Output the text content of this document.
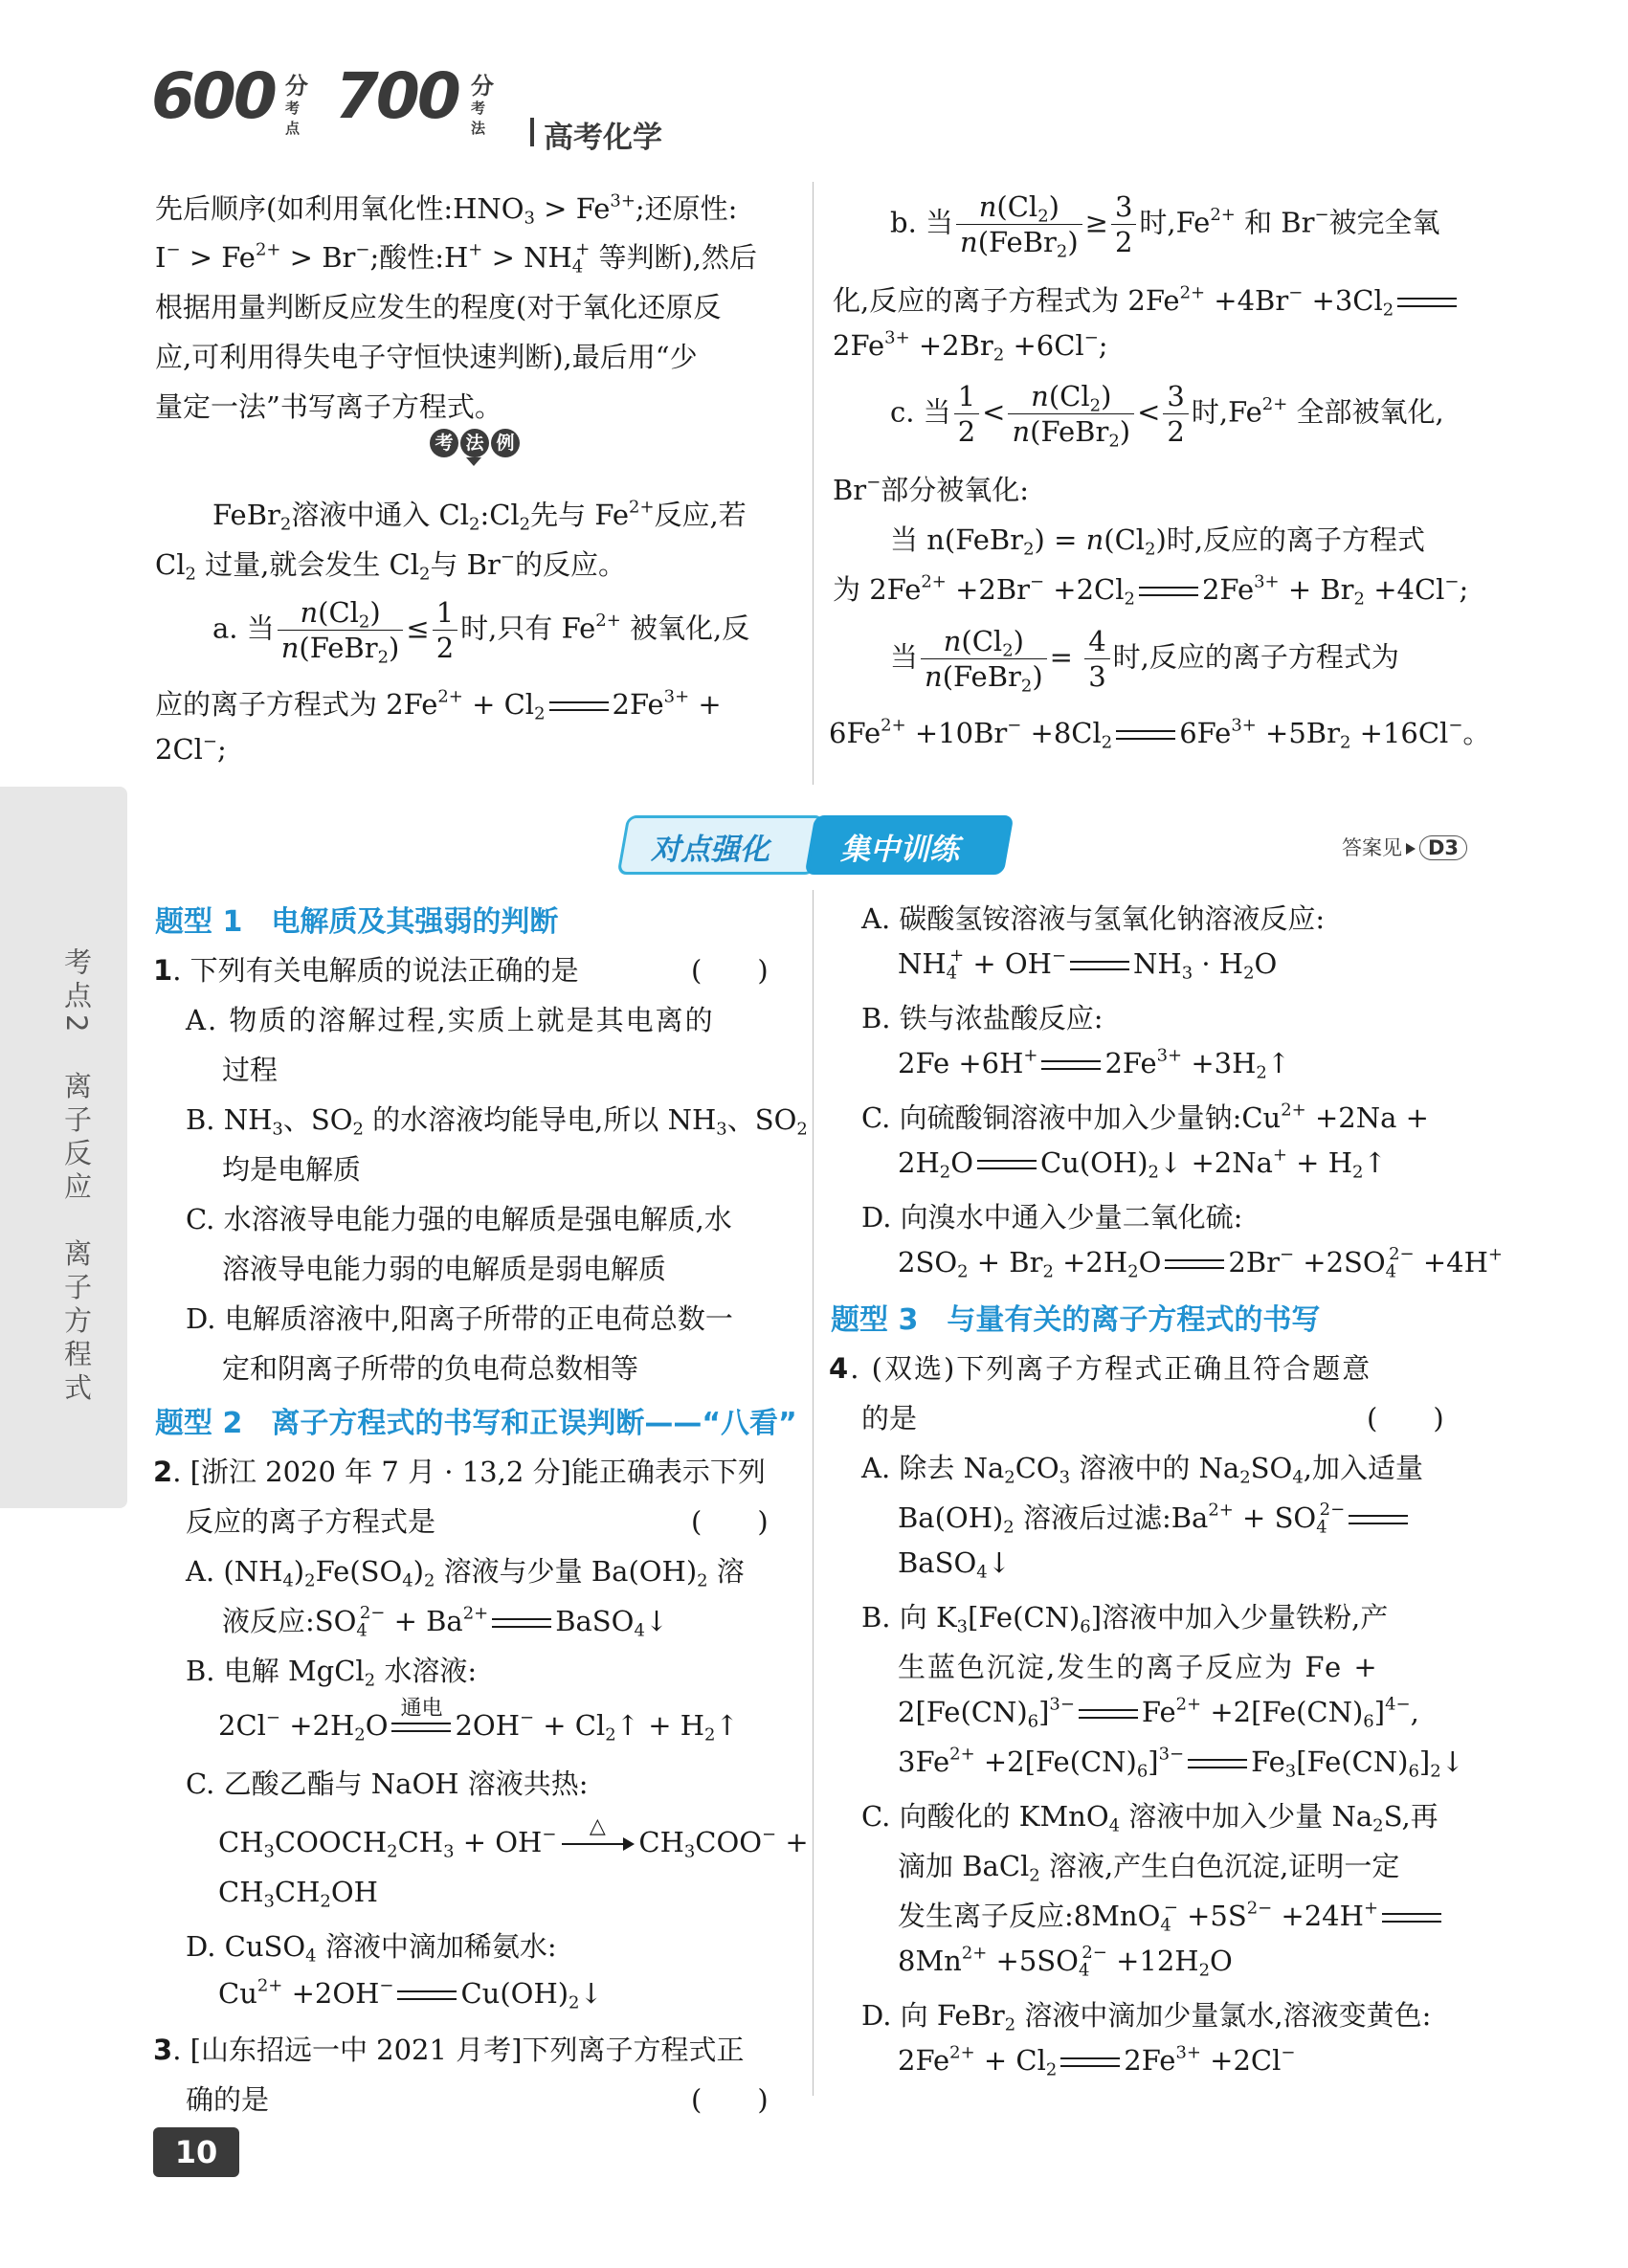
600 分
考点 700 分
考法 高考化学
考点2　离子反应　离子方程式
先后顺序(如利用氧化性$:HNO_3 > Fe^{3+}$;还原性:
$I^- > Fe^{2+} > Br^-$;酸性:H+ > $NH_4^+$ 等判断),然后
根据用量判断反应发生的程度(对于氧化还原反
应,可利用得失电子守恒快速判断),最后用“少
量定一法”书写离子方程式。
考 法 例
FeBr$_2$溶液中通入 $Cl_2:Cl_2$先与 $Fe^{2+}$反应,若
$Cl_2$ 过量,就会发生 $Cl_2$与 Br−的反应。
a. 当 $\frac{n(Cl_2)}{n(FeBr_2)} \le \frac{1}{2}$ 时,只有 $Fe^{2+}$ 被氧化,反
应的离子方程式为 $2Fe^{2+} + Cl_2$ $2Fe^{3+}$ +
2Cl−;
b. 当 $\frac{n(Cl_2)}{n(FeBr_2)} \ge \frac{3}{2}$ 时$,Fe^{2+}$ 和 Br−被完全氧
化,反应的离子方程式为 $2Fe^{2+} +4Br^- +3Cl_2$
$2Fe^{3+} +2Br_2 +6Cl^-$;
c. 当 $\frac{1}{2} < \frac{n(Cl_2)}{n(FeBr_2)} < \frac{3}{2}$ 时$,Fe^{2+}$ 全部被氧化,
Br−部分被氧化:
当 n(FeBr$_2$) = $n(Cl_2)$时,反应的离子方程式
为 $2Fe^{2+} +2Br^- +2Cl_2$ $2Fe^{3+} + Br_2 +4Cl^-$;
当 $\frac{n(Cl_2)}{n(FeBr_2)} = \frac{4}{3}$ 时,反应的离子方程式为
$6Fe^{2+} +10Br^- +8Cl_2$ $6Fe^{3+} +5Br_2 +16Cl^-$。
对点强化 集中训练	答案见 D3
题型 1　电解质及其强弱的判断
1. 下列有关电解质的说法正确的是	(　　)
A. 物质的溶解过程,实质上就是其电离的
过程
B. $NH_3$、$SO_2$ 的水溶液均能导电,所以 $NH_3$、$SO_2$
均是电解质
C. 水溶液导电能力强的电解质是强电解质,水
溶液导电能力弱的电解质是弱电解质
D. 电解质溶液中,阳离子所带的正电荷总数一
定和阴离子所带的负电荷总数相等
题型 2　离子方程式的书写和正误判断——“八看”
2. [浙江 2020 年 7 月 · 13,2 分]能正确表示下列
反应的离子方程式是	(　　)
A. $(NH_4)_2Fe(SO_4)_2$ 溶液与少量 $Ba(OH)_2$ 溶
液反应$:SO_4^{2-} + Ba^{2+}$ BaSO$_4$↓
B. 电解 MgCl$_2$ 水溶液:
$2Cl^- +2H_2O$
通电
$2OH^- + Cl_2↑$ + $H_2↑$
C. 乙酸乙酯与 NaOH 溶液共热:
$CH_3COOCH_2CH_3 + OH^-$	△	$CH_3COO^-$ +
$CH_3CH_2OH$
D. CuSO$_4$ 溶液中滴加稀氨水:
$Cu^{2+} +2OH^-$ $Cu(OH)_2↓$
3. [山东招远一中 2021 月考]下列离子方程式正
确的是	(　　)
A. 碳酸氢铵溶液与氢氧化钠溶液反应:
$NH_4^+ + OH^-$ $NH_3 \cdot H_2O$
B. 铁与浓盐酸反应:
2Fe +6H+ $2Fe^{3+}$ $+3H_2↑$
C. 向硫酸铜溶液中加入少量钠$:Cu^{2+} +2Na$ +
$2H_2O$ $Cu(OH)_2↓ +2Na^+$ + $H_2↑$
D. 向溴水中通入少量二氧化硫:
$2SO_2 + Br_2 +2H_2O$ $2Br^- +2SO_4^{2-} +4H^+$
题型 3　与量有关的离子方程式的书写
4. (双选)下列离子方程式正确且符合题意
的是	(　　)
A. 除去 $Na_2CO_3$ 溶液中的 $Na_2SO_4$,加入适量
$Ba(OH)_2$ 溶液后过滤$:Ba^{2+} + SO_4^{2-}$
BaSO$_4$↓
B. 向 $K_3[Fe(CN)_6]$溶液中加入少量铁粉,产
生蓝色沉淀,发生的离子反应为 Fe +
$2[Fe(CN)_6]^{3-}$ $Fe^{2+} +2[Fe(CN)_6]^{4-}$,
$3Fe^{2+} +2[Fe(CN)_6]^{3-}$ $Fe_3[Fe(CN)_6]_2↓$
C. 向酸化的 KMnO$_4$ 溶液中加入少量 $Na_2S$,再
滴加 BaCl$_2$ 溶液,产生白色沉淀,证明一定
发生离子反应:8MnO$_4$− $+5S^{2-} +24H^+$
$8Mn^{2+} +5SO_4^{2-} +12H_2O$
D. 向 FeBr$_2$ 溶液中滴加少量氯水,溶液变黄色:
$2Fe^{2+} + Cl_2$ $2Fe^{3+} +2Cl^-$
10
